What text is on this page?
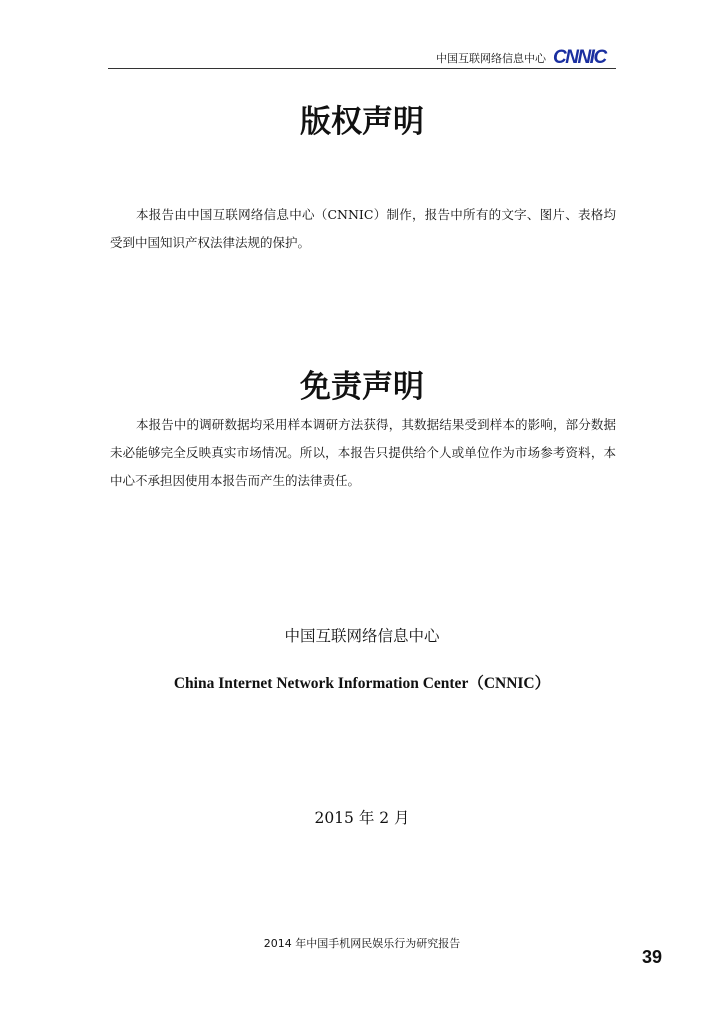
中国互联网络信息中心 CNNIC
版权声明
本报告由中国互联网络信息中心（CNNIC）制作，报告中所有的文字、图片、表格均受到中国知识产权法律法规的保护。
免责声明
本报告中的调研数据均采用样本调研方法获得，其数据结果受到样本的影响，部分数据未必能够完全反映真实市场情况。所以，本报告只提供给个人或单位作为市场参考资料，本中心不承担因使用本报告而产生的法律责任。
中国互联网络信息中心
China Internet Network Information Center（CNNIC）
2015 年 2 月
2014 年中国手机网民娱乐行为研究报告
39
